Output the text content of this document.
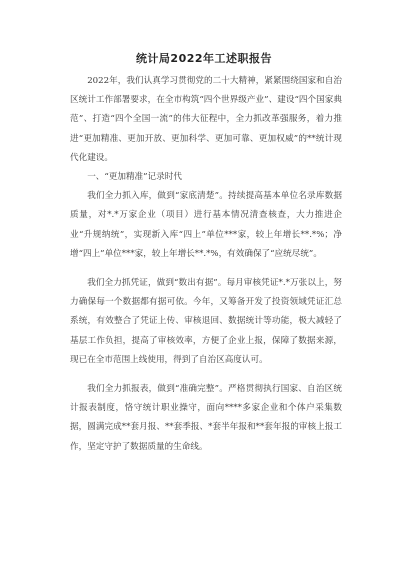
统计局2022年工述职报告

2022年，我们认真学习贯彻党的二十大精神，紧紧围绕国家和自治区统计工作部署要求，在全市构筑“四个世界级产业”、建设“四个国家典范”、打造“四个全国一流”的伟大征程中，全力抓改革强服务，着力推进“更加精准、更加开放、更加科学、更加可靠、更加权威”的**统计现代化建设。

一、“更加精准”记录时代

我们全力抓入库，做到“家底清楚”。持续提高基本单位名录库数据质量，对*.*万家企业（项目）进行基本情况清查核查，大力推进企业“升规纳统”，实现新入库“四上”单位***家，较上年增长**.*%；净增“四上”单位***家，较上年增长**.*%，有效确保了“应统尽统”。

我们全力抓凭证，做到“数出有据”。每月审核凭证*.*万张以上，努力确保每一个数据都有据可依。今年，又筹备开发了投资领域凭证汇总系统，有效整合了凭证上传、审核退回、数据统计等功能，极大减轻了基层工作负担，提高了审核效率，方便了企业上报，保障了数据来源，现已在全市范围上线使用，得到了自治区高度认可。

我们全力抓报表，做到“准确完整”。严格贯彻执行国家、自治区统计报表制度，恪守统计职业操守，面向****多家企业和个体户采集数据，圆满完成**套月报、**套季报、*套半年报和**套年报的审核上报工作，坚定守护了数据质量的生命线。
